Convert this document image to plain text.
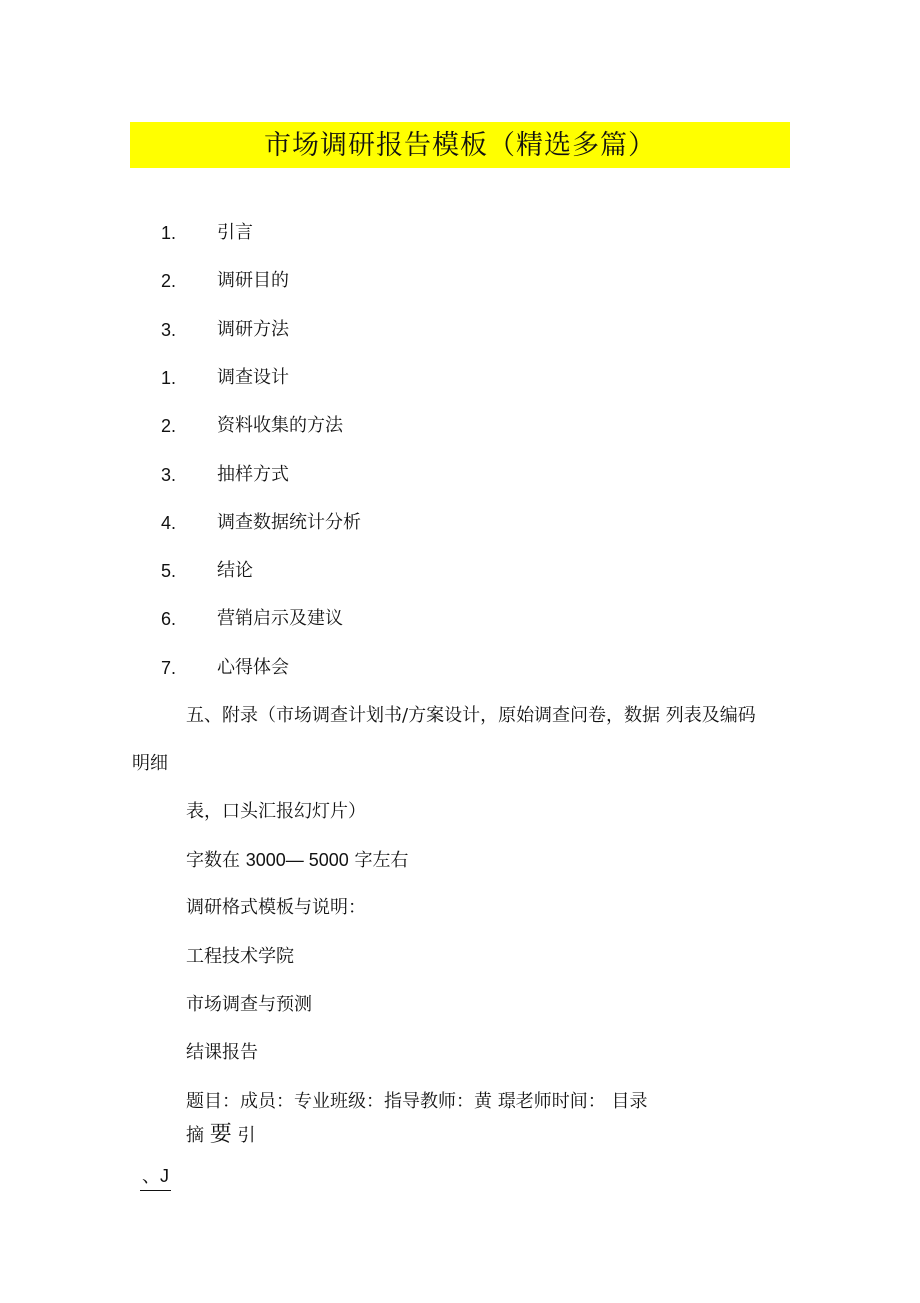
市场调研报告模板（精选多篇）
1. 引言
2. 调研目的
3. 调研方法
1. 调查设计
2. 资料收集的方法
3. 抽样方式
4. 调查数据统计分析
5. 结论
6. 营销启示及建议
7. 心得体会
五、附录（市场调查计划书/方案设计，原始调查问卷，数据 列表及编码
明细
表，口头汇报幻灯片）
字数在 3000— 5000 字左右
调研格式模板与说明：
工程技术学院
市场调查与预测
结课报告
题目：成员：专业班级：指导教师：黄 璟老师时间： 目录
摘 要 引
、J
